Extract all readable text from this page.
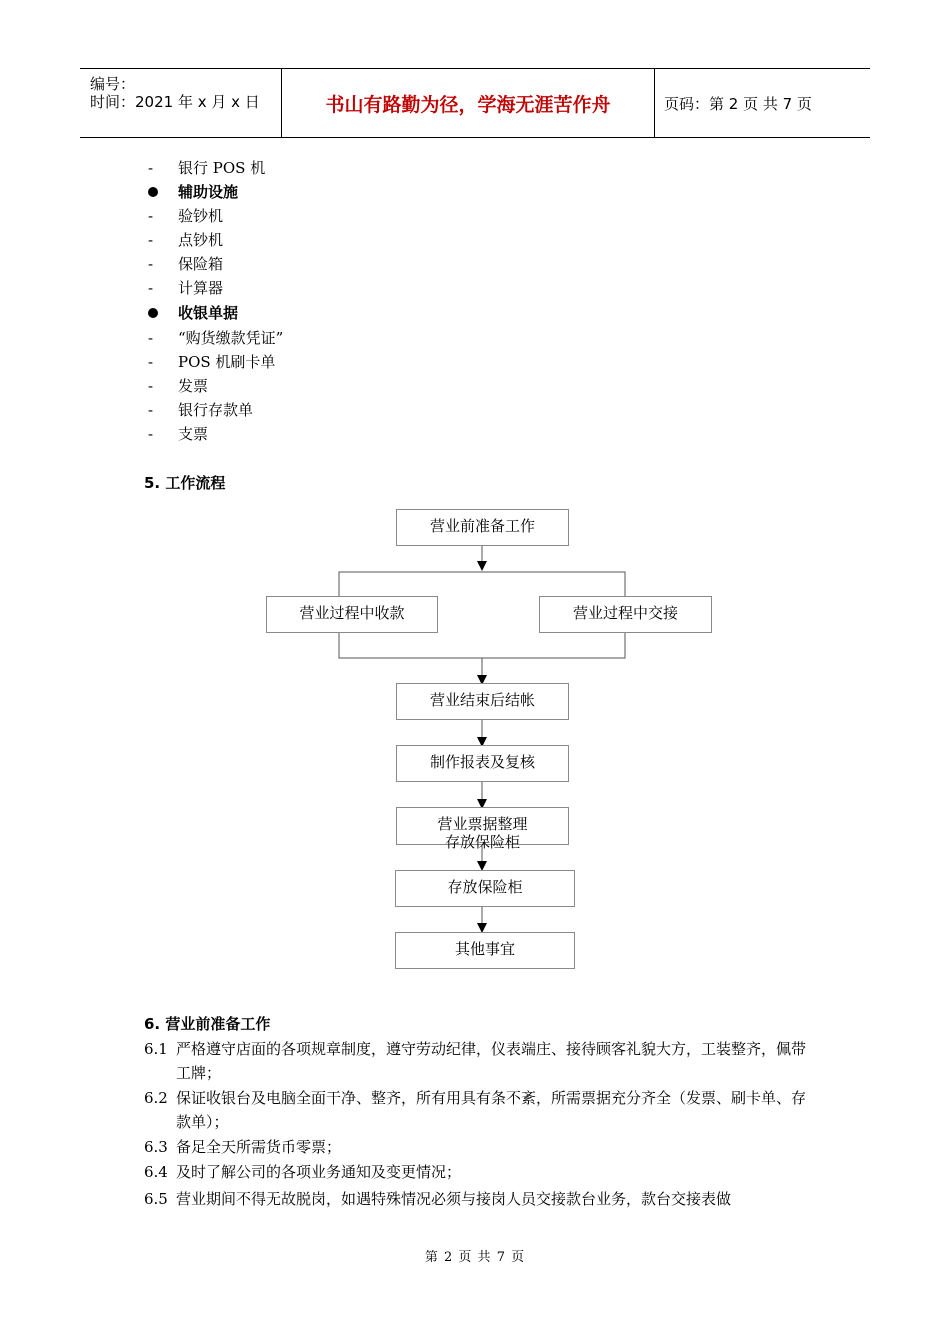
编号：
时间：2021 年 x 月 x 日	书山有路勤为径，学海无涯苦作舟	页码：第 2 页 共 7 页
-	银行 POS 机
辅助设施
-	验钞机
-	点钞机
-	保险箱
-	计算器
收银单据
-	“购货缴款凭证”
-	POS 机刷卡单
-	发票
-	银行存款单
-	支票
5. 工作流程
营业前准备工作
营业过程中收款	营业过程中交接
营业结束后结帐
制作报表及复核
营业票据整理
存放保险柜
存放保险柜
其他事宜
6. 营业前准备工作
6.1 严格遵守店面的各项规章制度，遵守劳动纪律，仪表端庄、接待顾客礼貌大方，工装整齐，佩带工牌；
6.2 保证收银台及电脑全面干净、整齐，所有用具有条不紊，所需票据充分齐全（发票、刷卡单、存款单）；
6.3 备足全天所需货币零票；
6.4 及时了解公司的各项业务通知及变更情况；
6.5 营业期间不得无故脱岗，如遇特殊情况必须与接岗人员交接款台业务，款台交接表做
第 2 页 共 7 页
